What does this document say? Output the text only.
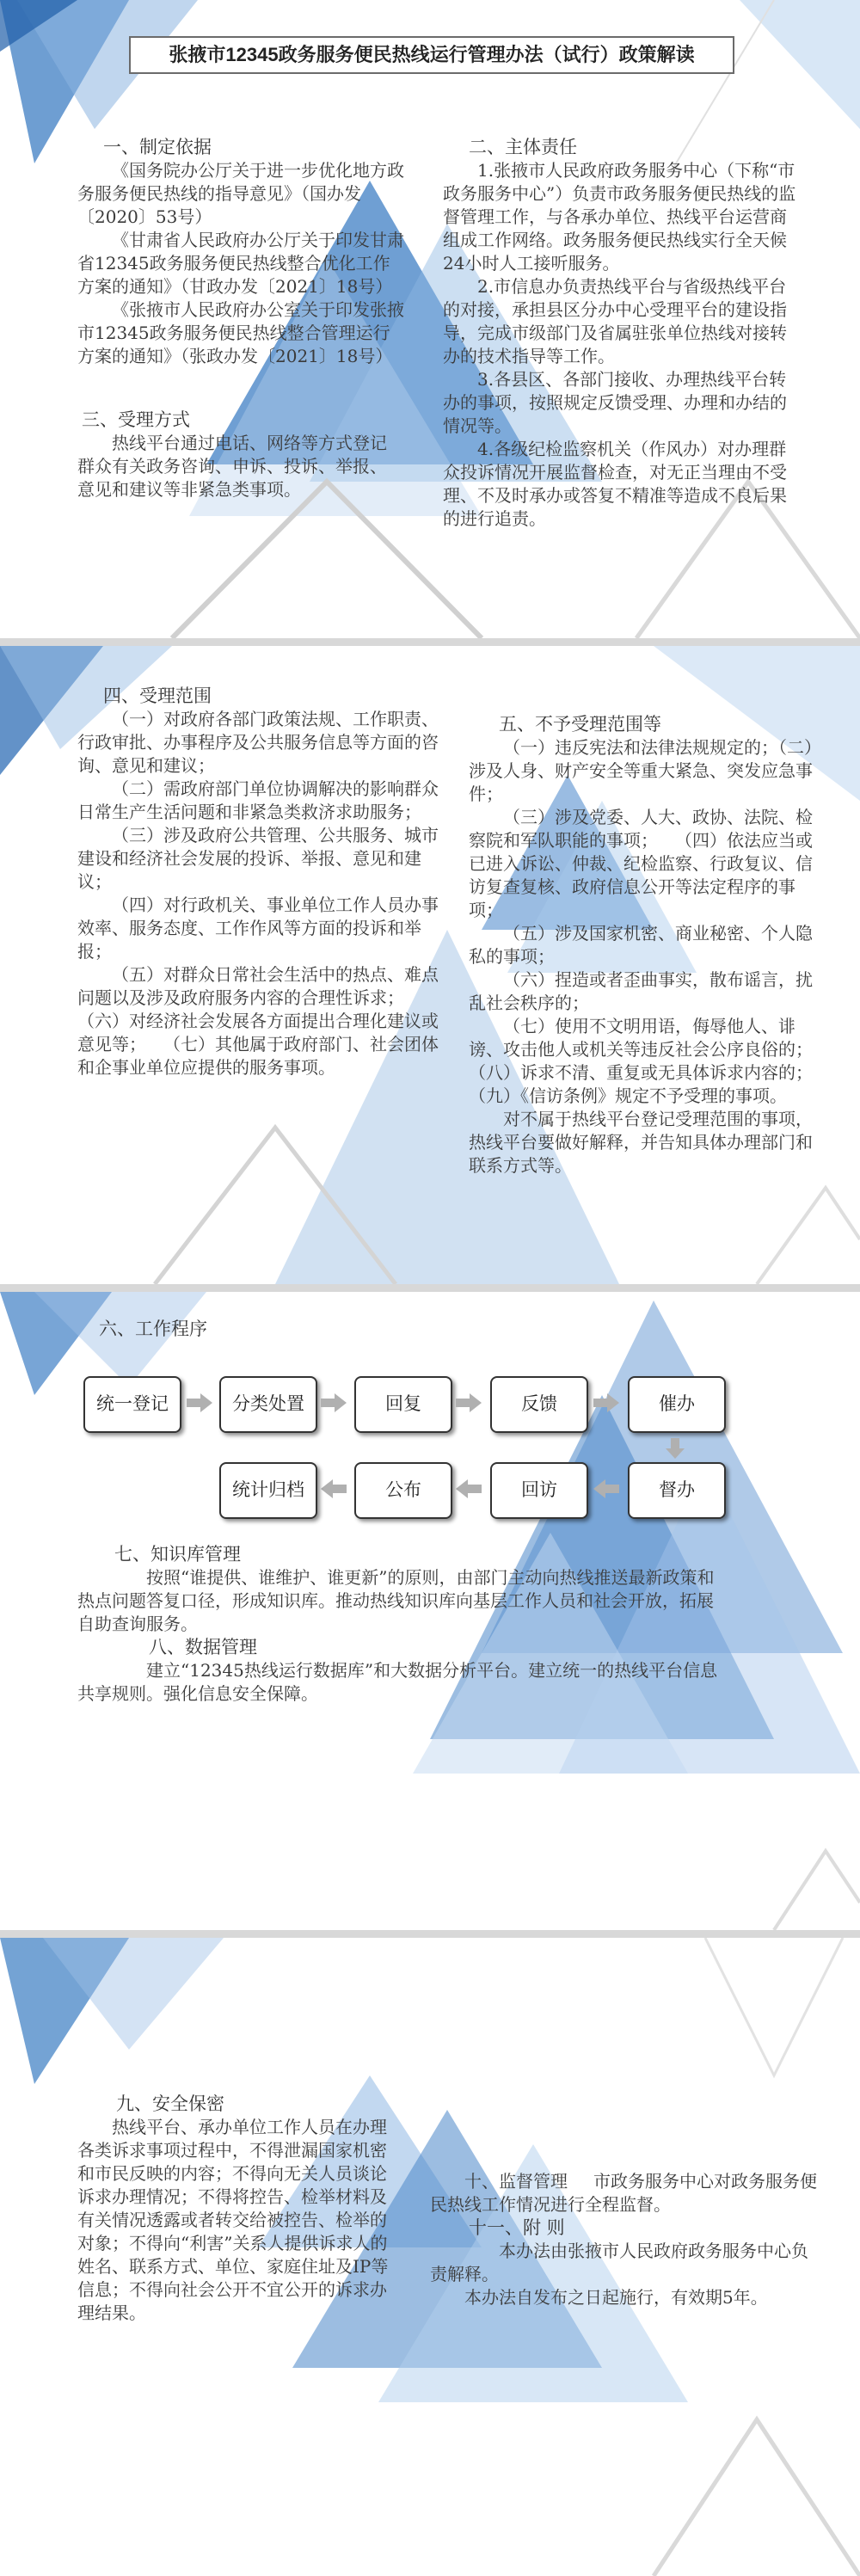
张掖市12345政务服务便民热线运行管理办法（试行）政策解读
一、制定依据
《国务院办公厅关于进一步优化地方政务服务便民热线的指导意见》（国办发〔2020〕53号）
《甘肃省人民政府办公厅关于印发甘肃省12345政务服务便民热线整合优化工作方案的通知》（甘政办发〔2021〕18号）
《张掖市人民政府办公室关于印发张掖市12345政务服务便民热线整合管理运行方案的通知》（张政办发〔2021〕18号）
三、受理方式
热线平台通过电话、网络等方式登记群众有关政务咨询、申诉、投诉、举报、意见和建议等非紧急类事项。
二、主体责任
1.张掖市人民政府政务服务中心（下称“市政务服务中心”）负责市政务服务便民热线的监督管理工作，与各承办单位、热线平台运营商组成工作网络。政务服务便民热线实行全天候24小时人工接听服务。
2.市信息办负责热线平台与省级热线平台的对接，承担县区分办中心受理平台的建设指导，完成市级部门及省属驻张单位热线对接转办的技术指导等工作。
3.各县区、各部门接收、办理热线平台转办的事项，按照规定反馈受理、办理和办结的情况等。
4.各级纪检监察机关（作风办）对办理群众投诉情况开展监督检查，对无正当理由不受理、不及时承办或答复不精准等造成不良后果的进行追责。
四、受理范围
（一）对政府各部门政策法规、工作职责、行政审批、办事程序及公共服务信息等方面的咨询、意见和建议；
（二）需政府部门单位协调解决的影响群众日常生产生活问题和非紧急类救济求助服务；
（三）涉及政府公共管理、公共服务、城市建设和经济社会发展的投诉、举报、意见和建议；
（四）对行政机关、事业单位工作人员办事效率、服务态度、工作作风等方面的投诉和举报；
（五）对群众日常社会生活中的热点、难点问题以及涉及政府服务内容的合理性诉求；　　（六）对经济社会发展各方面提出合理化建议或意见等；　　（七）其他属于政府部门、社会团体和企事业单位应提供的服务事项。
五、不予受理范围等
（一）违反宪法和法律法规规定的；（二）涉及人身、财产安全等重大紧急、突发应急事件；
（三）涉及党委、人大、政协、法院、检察院和军队职能的事项；　　（四）依法应当或已进入诉讼、仲裁、纪检监察、行政复议、信访复查复核、政府信息公开等法定程序的事项；
（五）涉及国家机密、商业秘密、个人隐私的事项；
（六）捏造或者歪曲事实，散布谣言，扰乱社会秩序的；
（七）使用不文明用语，侮辱他人、诽谤、攻击他人或机关等违反社会公序良俗的；　　（八）诉求不清、重复或无具体诉求内容的；　　（九）《信访条例》规定不予受理的事项。
对不属于热线平台登记受理范围的事项，热线平台要做好解释，并告知具体办理部门和联系方式等。
六、工作程序
统一登记	分类处置	回复	反馈	催办
督办
回访
公布
统计归档
七、知识库管理
按照“谁提供、谁维护、谁更新”的原则，由部门主动向热线推送最新政策和热点问题答复口径，形成知识库。推动热线知识库向基层工作人员和社会开放，拓展自助查询服务。
八、数据管理
建立“12345热线运行数据库”和大数据分析平台。建立统一的热线平台信息共享规则。强化信息安全保障。
九、安全保密
热线平台、承办单位工作人员在办理各类诉求事项过程中，不得泄漏国家机密和市民反映的内容；不得向无关人员谈论诉求办理情况；不得将控告、检举材料及有关情况透露或者转交给被控告、检举的对象；不得向“利害”关系人提供诉求人的姓名、联系方式、单位、家庭住址及IP等信息；不得向社会公开不宜公开的诉求办理结果。
十、监督管理 市政务服务中心对政务服务便民热线工作情况进行全程监督。
十一、附 则
本办法由张掖市人民政府政务服务中心负责解释。
本办法自发布之日起施行，有效期5年。
